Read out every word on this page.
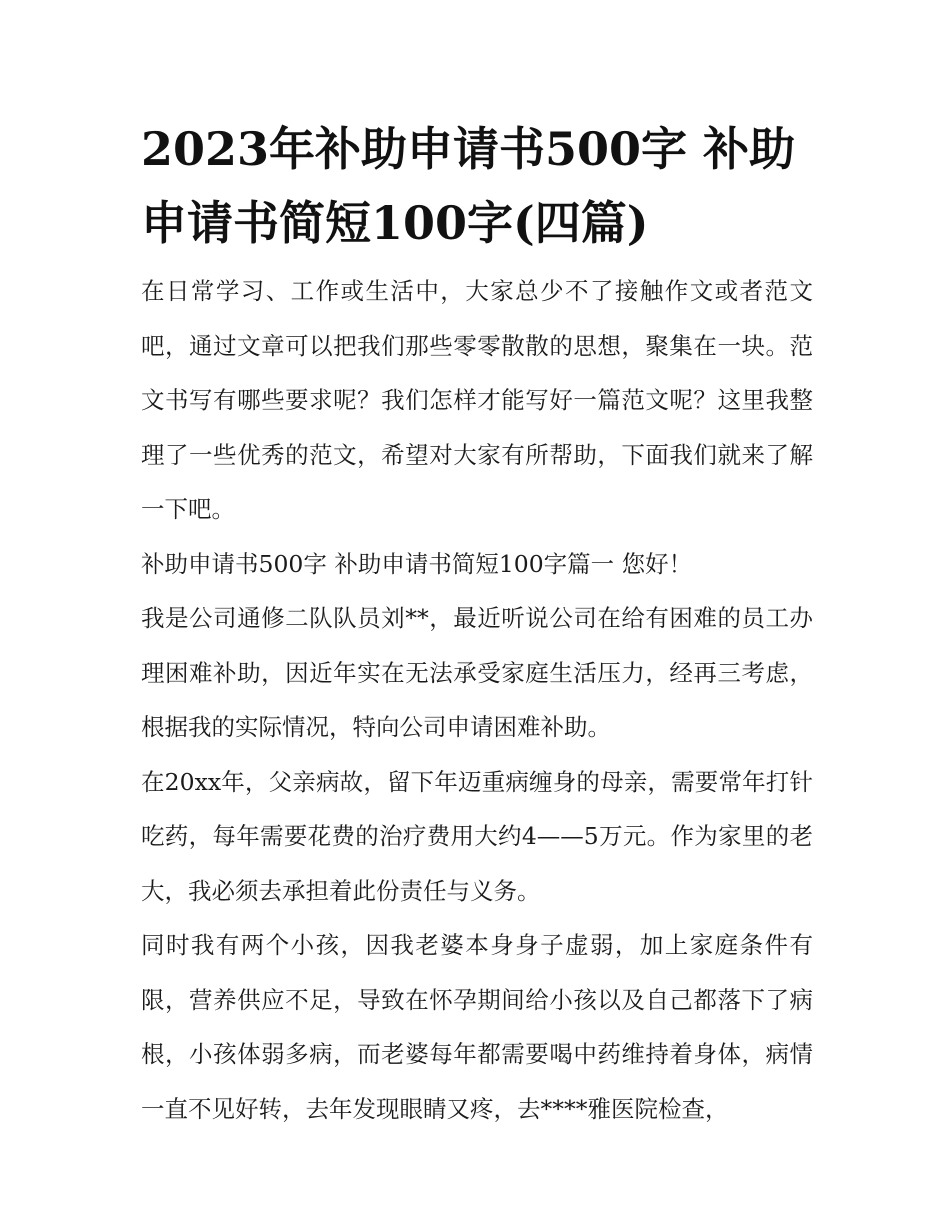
2023年补助申请书500字 补助申请书简短100字(四篇)

在日常学习、工作或生活中，大家总少不了接触作文或者范文吧，通过文章可以把我们那些零零散散的思想，聚集在一块。范文书写有哪些要求呢？我们怎样才能写好一篇范文呢？这里我整理了一些优秀的范文，希望对大家有所帮助，下面我们就来了解一下吧。

补助申请书500字 补助申请书简短100字篇一 您好！

我是公司通修二队队员刘**，最近听说公司在给有困难的员工办理困难补助，因近年实在无法承受家庭生活压力，经再三考虑，根据我的实际情况，特向公司申请困难补助。

在20xx年，父亲病故，留下年迈重病缠身的母亲，需要常年打针吃药，每年需要花费的治疗费用大约4——5万元。作为家里的老大，我必须去承担着此份责任与义务。

同时我有两个小孩，因我老婆本身身子虚弱，加上家庭条件有限，营养供应不足，导致在怀孕期间给小孩以及自己都落下了病根，小孩体弱多病，而老婆每年都需要喝中药维持着身体，病情一直不见好转，去年发现眼睛又疼，去****雅医院检查，
